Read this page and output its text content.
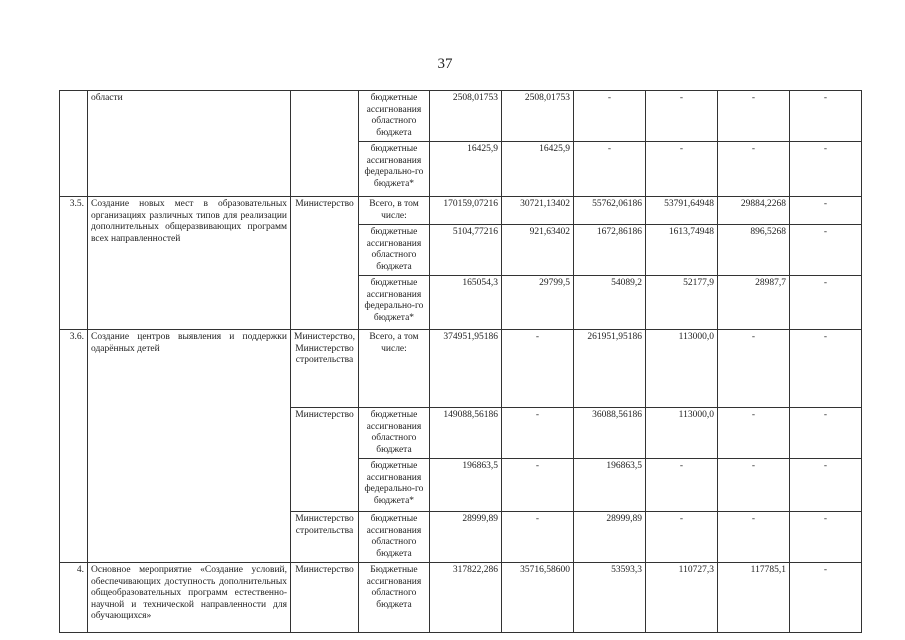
37
	области		бюджетные ассигнования областного бюджета	2508,01753	2508,01753	-	-	-	-
			бюджетные ассигнования федерально-го бюджета*	16425,9	16425,9	-	-	-	-
3.5.	Создание новых мест в образовательных организациях различных типов для реализации дополнительных общеразвивающих программ всех направленностей	Министерство	Всего, в том числе:	170159,07216	30721,13402	55762,06186	53791,64948	29884,2268	-
			бюджетные ассигнования областного бюджета	5104,77216	921,63402	1672,86186	1613,74948	896,5268	-
			бюджетные ассигнования федерально-го бюджета*	165054,3	29799,5	54089,2	52177,9	28987,7	-
3.6.	Создание центров выявления и поддержки одарённых детей	Министерство, Министерство строительства	Всего, а том числе:	374951,95186	-	261951,95186	113000,0	-	-
		Министерство	бюджетные ассигнования областного бюджета	149088,56186	-	36088,56186	113000,0	-	-
			бюджетные ассигнования федерально-го бюджета*	196863,5	-	196863,5	-	-	-
		Министерство строительства	бюджетные ассигнования областного бюджета	28999,89	-	28999,89	-	-	-
4.	Основное мероприятие «Создание условий, обеспечивающих доступность дополнительных общеобразовательных программ естественно-научной и технической направленности для обучающихся»	Министерство	Бюджетные ассигнования областного бюджета	317822,286	35716,58600	53593,3	110727,3	117785,1	-
